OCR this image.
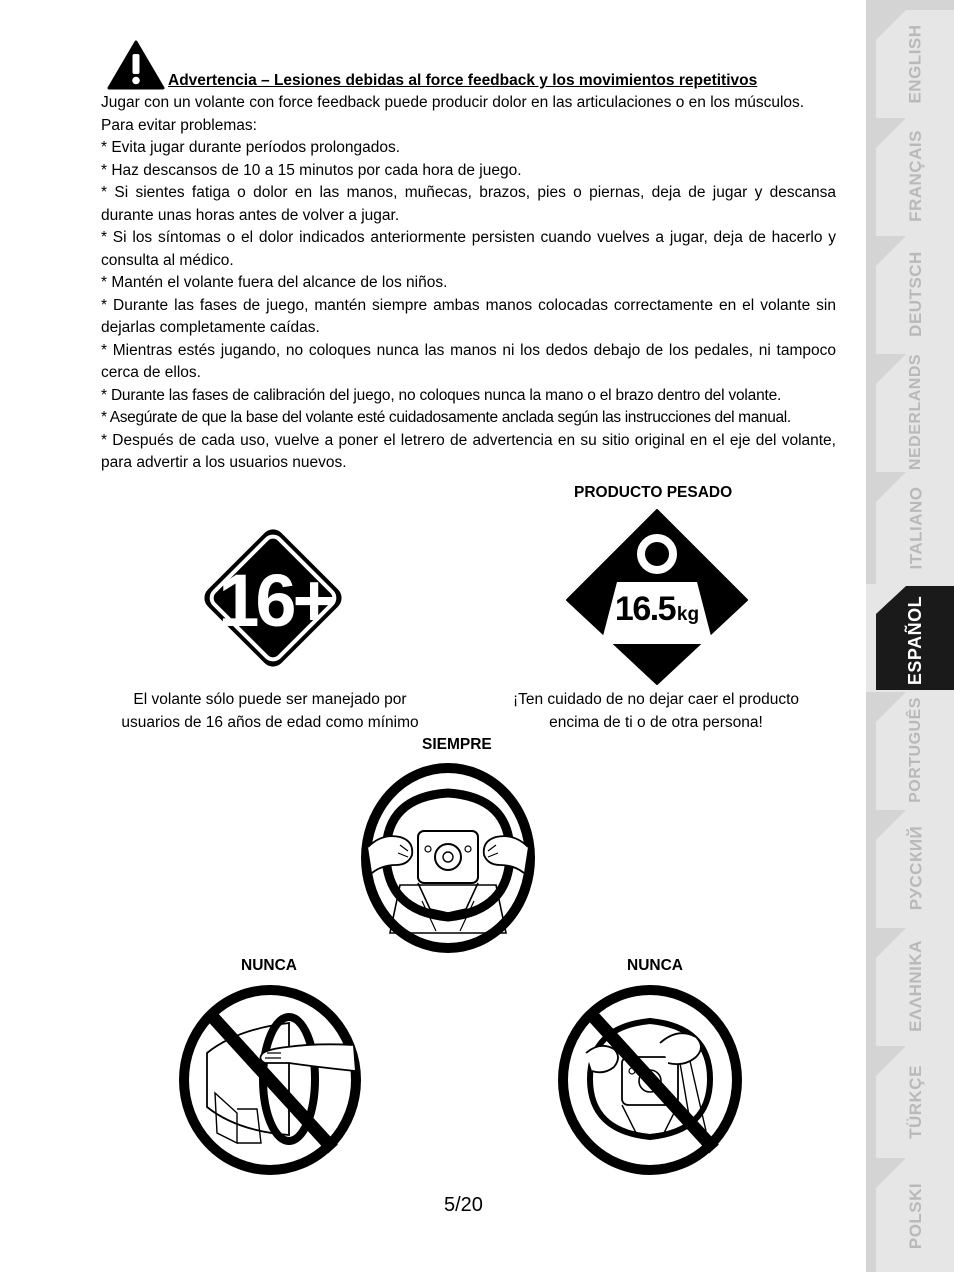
Advertencia – Lesiones debidas al force feedback y los movimientos repetitivos

Jugar con un volante con force feedback puede producir dolor en las articulaciones o en los músculos. Para evitar problemas:

* Evita jugar durante períodos prolongados.

* Haz descansos de 10 a 15 minutos por cada hora de juego.

* Si sientes fatiga o dolor en las manos, muñecas, brazos, pies o piernas, deja de jugar y descansa durante unas horas antes de volver a jugar.

* Si los síntomas o el dolor indicados anteriormente persisten cuando vuelves a jugar, deja de hacerlo y consulta al médico.

* Mantén el volante fuera del alcance de los niños.

* Durante las fases de juego, mantén siempre ambas manos colocadas correctamente en el volante sin dejarlas completamente caídas.

* Mientras estés jugando, no coloques nunca las manos ni los dedos debajo de los pedales, ni tampoco cerca de ellos.

* Durante las fases de calibración del juego, no coloques nunca la mano o el brazo dentro del volante.

* Asegúrate de que la base del volante esté cuidadosamente anclada según las instrucciones del manual.

* Después de cada uso, vuelve a poner el letrero de advertencia en su sitio original en el eje del volante, para advertir a los usuarios nuevos.

16+
El volante sólo puede ser manejado por usuarios de 16 años de edad como mínimo
PRODUCTO PESADO
16.5 kg
¡Ten cuidado de no dejar caer el producto encima de ti o de otra persona!
SIEMPRE
NUNCA	NUNCA
5/20
ENGLISH
FRANÇAIS
DEUTSCH
NEDERLANDS
ITALIANO
ESPAÑOL
PORTUGUÊS
РУССКИЙ
ΕΛΛΗΝΙΚΑ
TÜRKÇE
POLSKI
